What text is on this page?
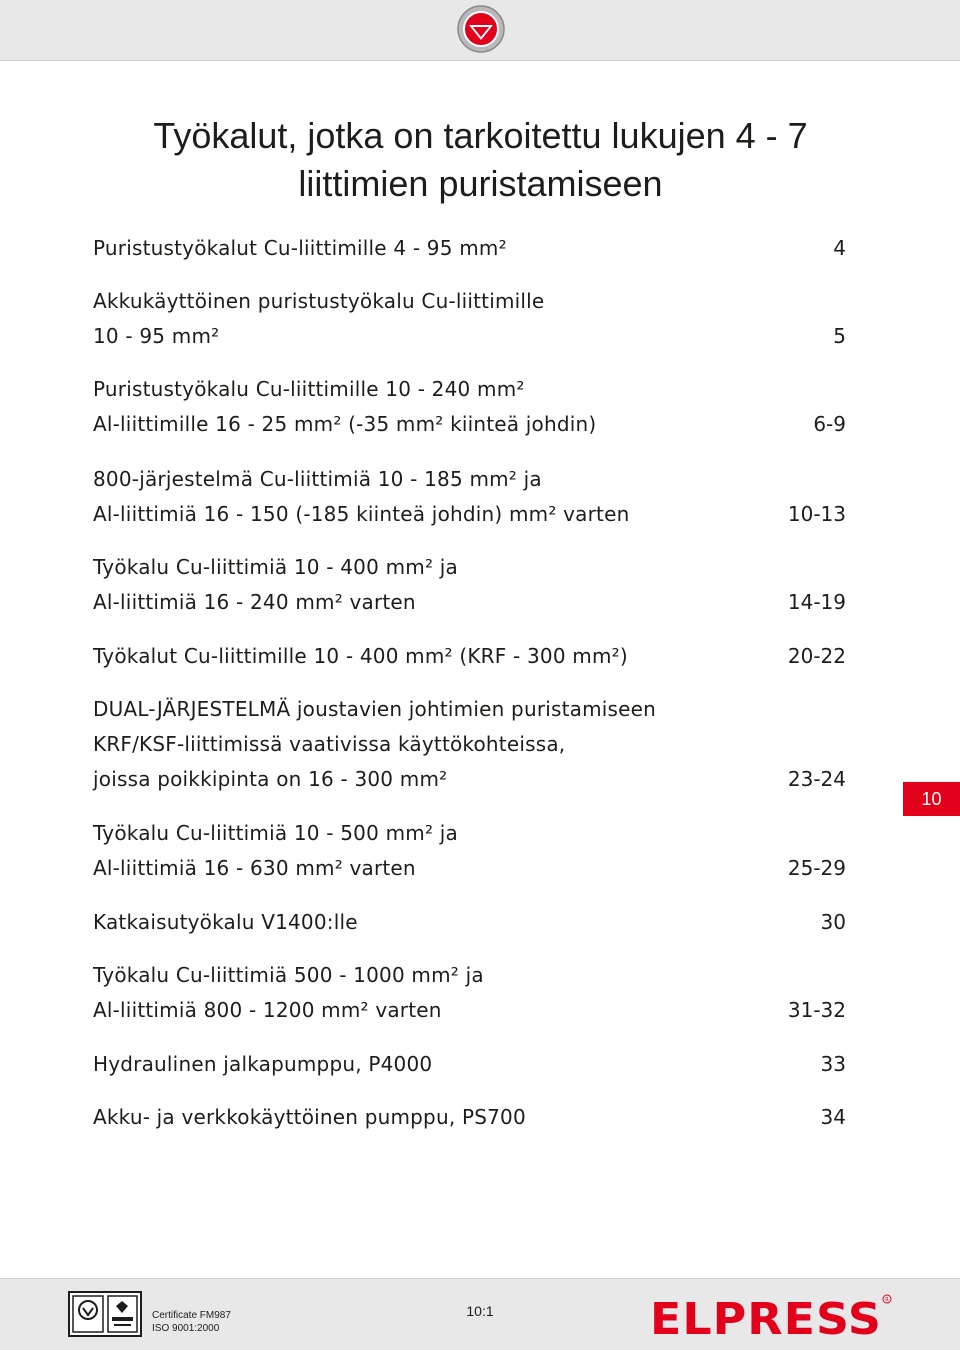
Työkalut, jotka on tarkoitettu lukujen 4 - 7
liittimien puristamiseen
Puristustyökalut Cu-liittimille 4 - 95 mm²	4
Akkukäyttöinen puristustyökalu Cu-liittimille
10 - 95 mm²	5
Puristustyökalu Cu-liittimille 10 - 240 mm²
Al-liittimille 16 - 25 mm² (-35 mm² kiinteä johdin)	6-9
800-järjestelmä Cu-liittimiä 10 - 185 mm² ja
Al-liittimiä 16 - 150 (-185 kiinteä johdin) mm² varten	10-13
Työkalu Cu-liittimiä 10 - 400 mm² ja
Al-liittimiä 16 - 240 mm² varten	14-19
Työkalut Cu-liittimille 10 - 400 mm² (KRF - 300 mm²)	20-22
DUAL-JÄRJESTELMÄ joustavien johtimien puristamiseen
KRF/KSF-liittimissä vaativissa käyttökohteissa,
joissa poikkipinta on 16 - 300 mm²	23-24
Työkalu Cu-liittimiä 10 - 500 mm² ja
Al-liittimiä 16 - 630 mm² varten	25-29
Katkaisutyökalu V1400:lle	30
Työkalu Cu-liittimiä 500 - 1000 mm² ja
Al-liittimiä 800 - 1200 mm² varten	31-32
Hydraulinen jalkapumppu, P4000	33
Akku- ja verkkokäyttöinen pumppu, PS700	34
10
Certificate FM987
ISO 9001:2000
10:1	ELPRESS R
